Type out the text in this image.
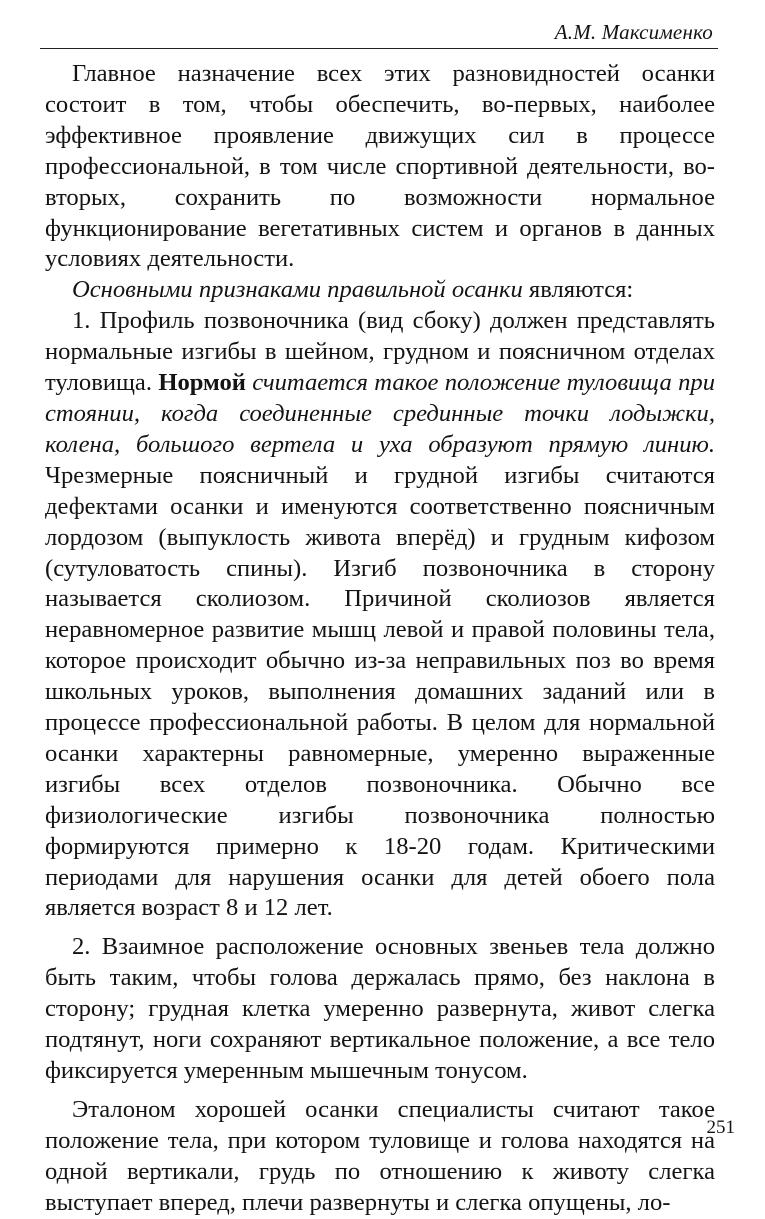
А.М. Максименко

Главное назначение всех этих разновидностей осанки состоит в том, чтобы обеспечить, во-первых, наиболее эффективное проявление движущих сил в процессе профессиональной, в том числе спортивной деятельности, во-вторых, сохранить по возможности нормальное функционирование вегетативных систем и органов в данных условиях деятельности.

Основными признаками правильной осанки являются:

1. Профиль позвоночника (вид сбоку) должен представлять нормальные изгибы в шейном, грудном и поясничном отделах туловища. Нормой считается такое положение туловища при стоянии, когда соединенные срединные точки лодыжки, колена, большого вертела и уха образуют прямую линию. Чрезмерные поясничный и грудной изгибы считаются дефектами осанки и именуются соответственно поясничным лордозом (выпуклость живота вперёд) и грудным кифозом (сутуловатость спины). Изгиб позвоночника в сторону называется сколиозом. Причиной сколиозов является неравномерное развитие мышц левой и правой половины тела, которое происходит обычно из-за неправильных поз во время школьных уроков, выполнения домашних заданий или в процессе профессиональной работы. В целом для нормальной осанки характерны равномерные, умеренно выраженные изгибы всех отделов позвоночника. Обычно все физиологические изгибы позвоночника полностью формируются примерно к 18-20 годам. Критическими периодами для нарушения осанки для детей обоего пола является возраст 8 и 12 лет.

2. Взаимное расположение основных звеньев тела должно быть таким, чтобы голова держалась прямо, без наклона в сторону; грудная клетка умеренно развернута, живот слегка подтянут, ноги сохраняют вертикальное положение, а все тело фиксируется умеренным мышечным тонусом.

Эталоном хорошей осанки специалисты считают такое положение тела, при котором туловище и голова находятся на одной вертикали, грудь по отношению к животу слегка выступает вперед, плечи развернуты и слегка опущены, ло-

251
